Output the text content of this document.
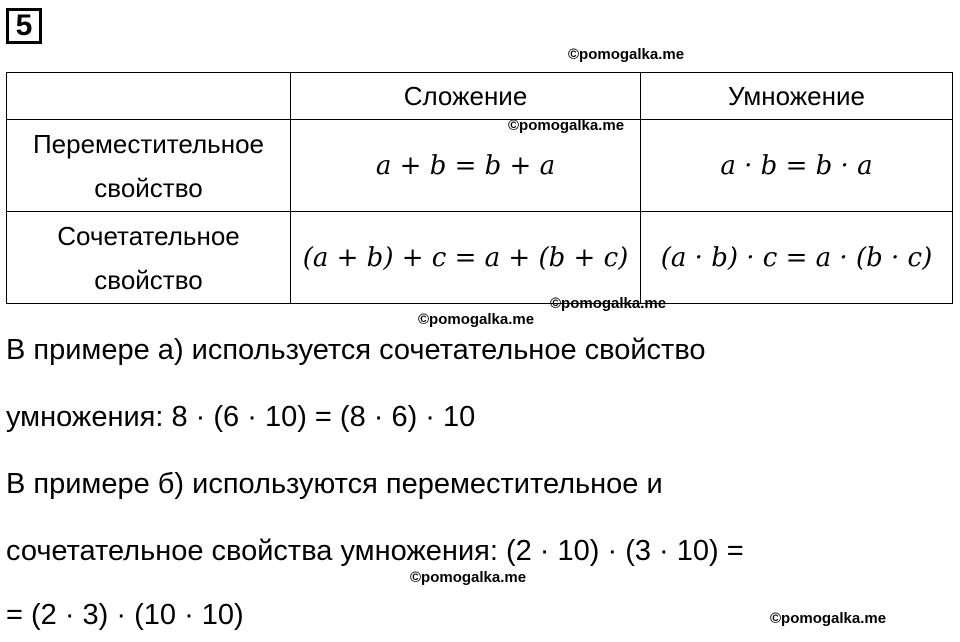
5
©pomogalka.me
	Сложение	Умножение

Переместительное
свойство	a + b = b + a	a · b = b · a

Сочетательное
свойство	(a + b) + c = a + (b + c)	(a · b) · c = a · (b · c)
©pomogalka.me
©pomogalka.me
©pomogalka.me
В примере а) используется сочетательное свойство
умножения: 8 · (6 · 10) = (8 · 6) · 10
В примере б) используются переместительное и
сочетательное свойства умножения: (2 · 10) · (3 · 10) =
©pomogalka.me
= (2 · 3) · (10 · 10)	©pomogalka.me
